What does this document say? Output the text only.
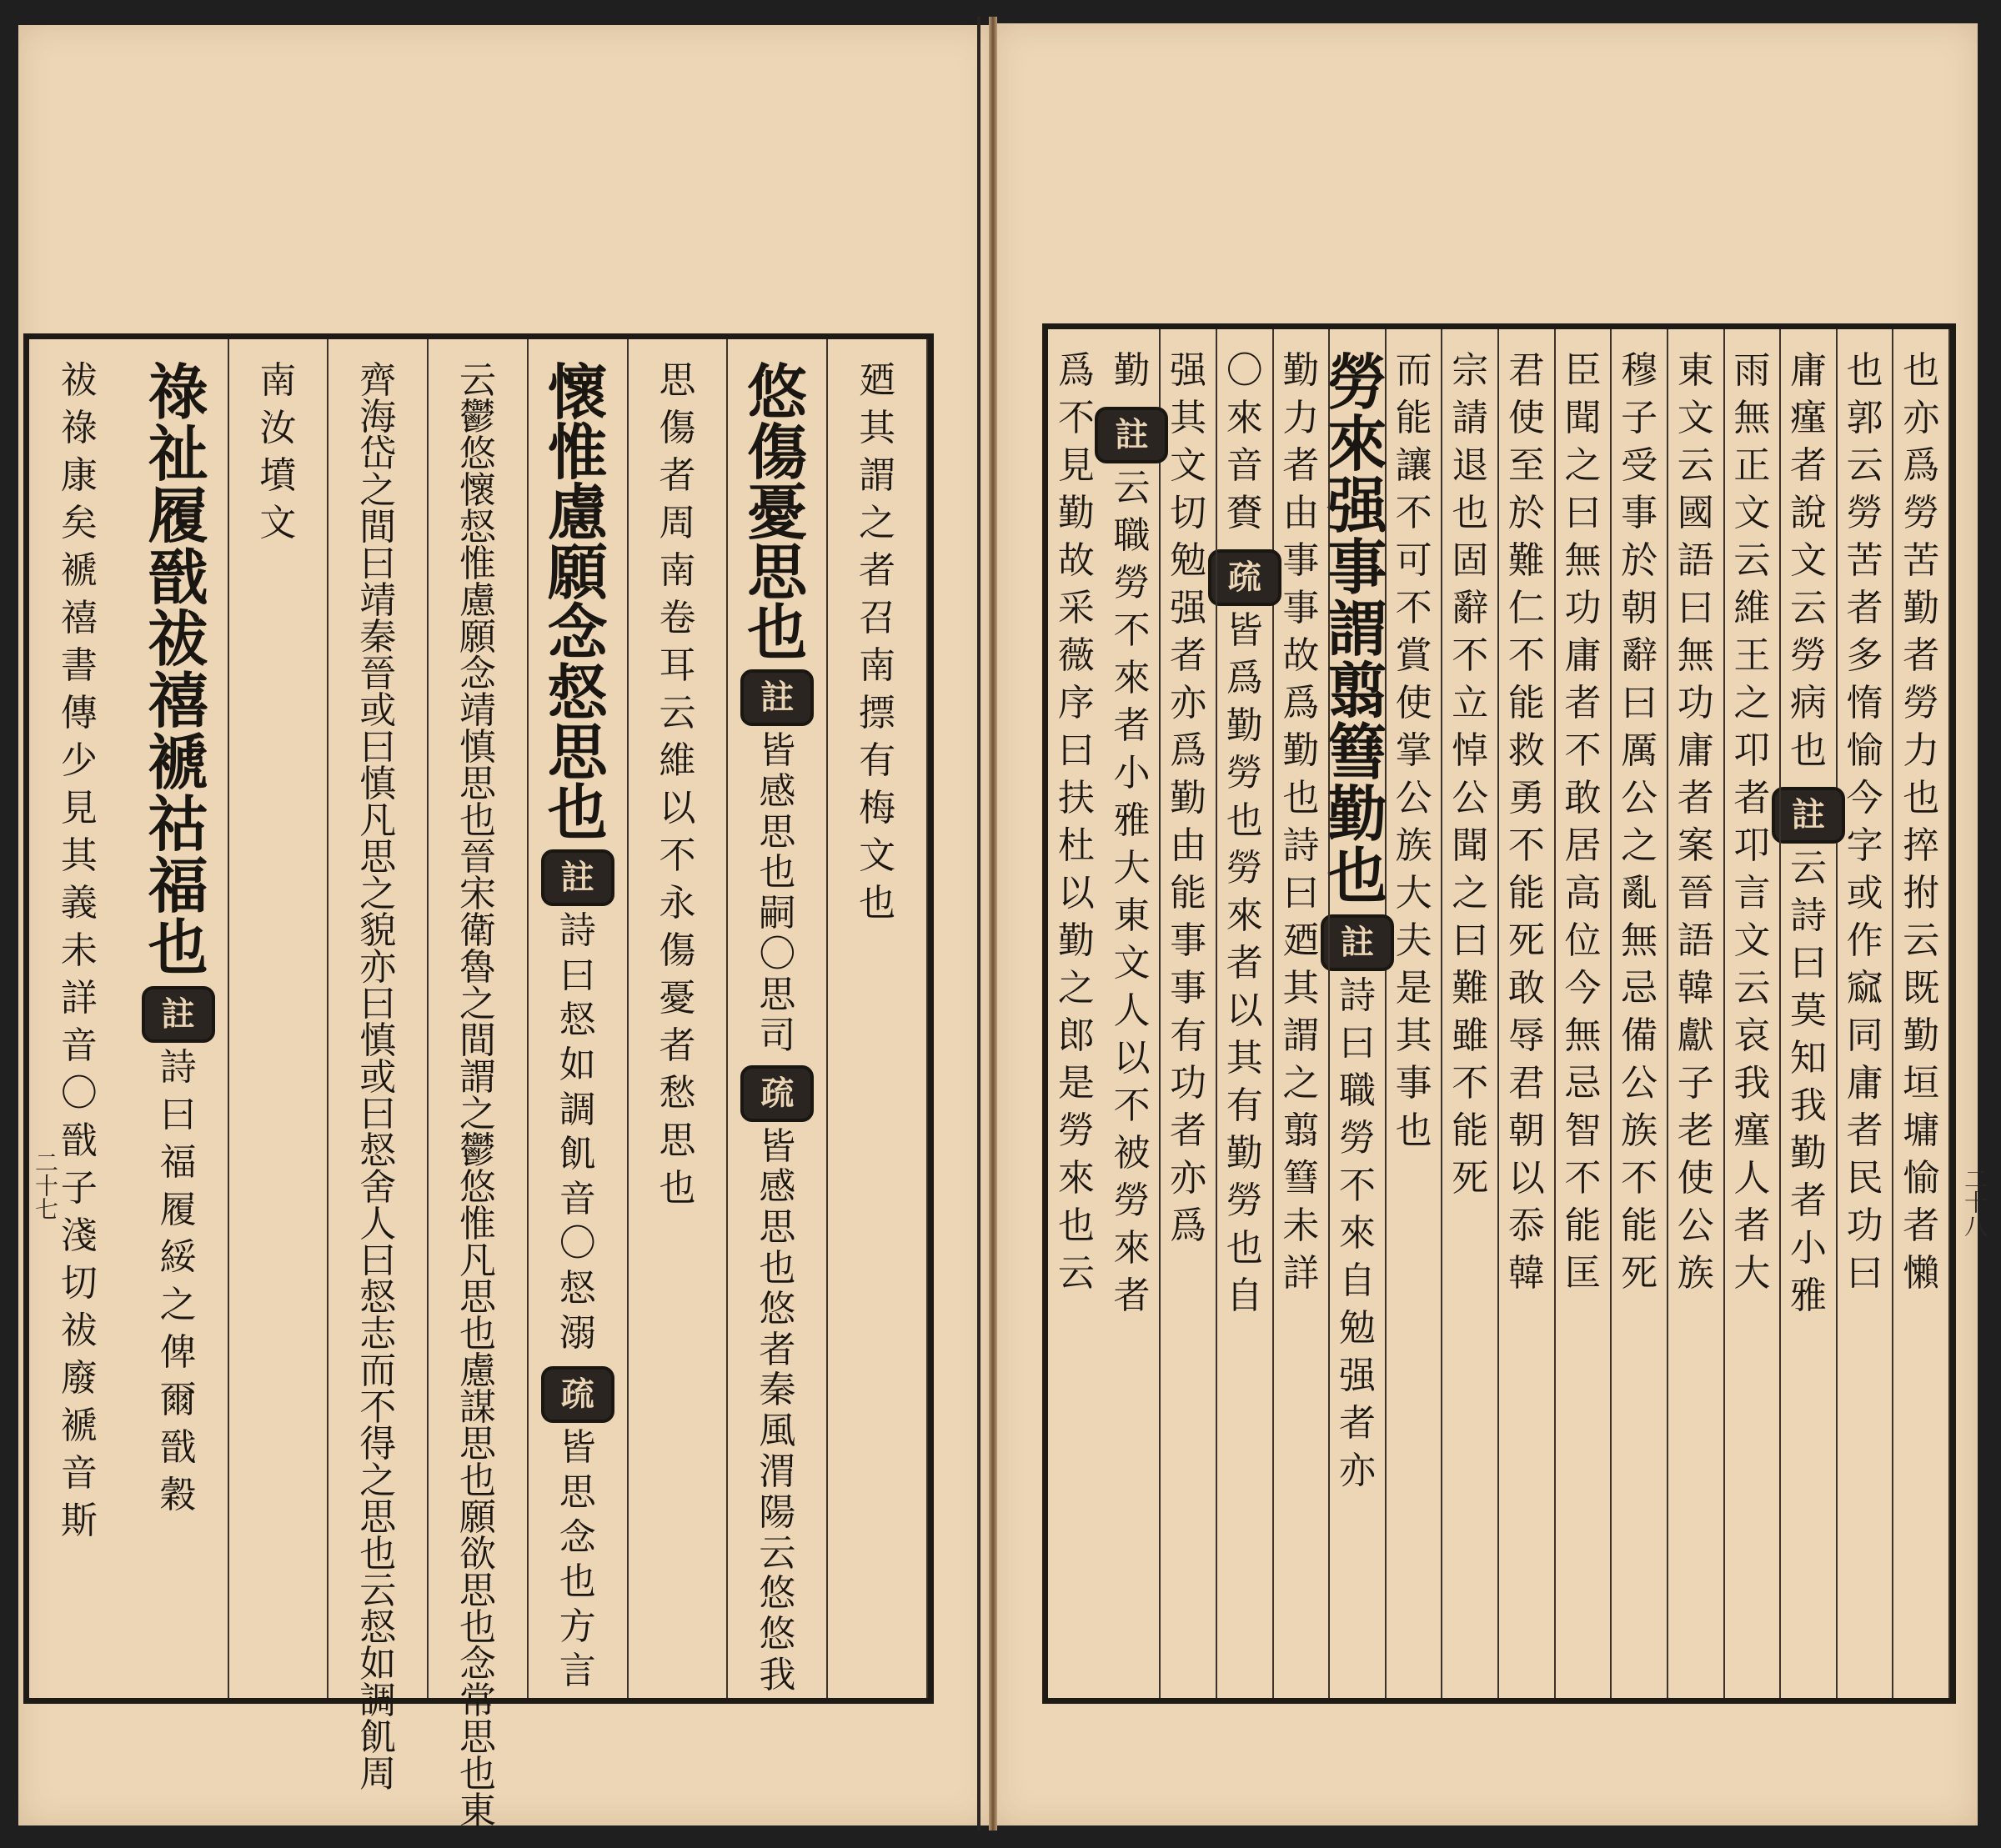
廼
其
謂
之
者
召
南
摽
有
梅
文
也
悠
傷
憂
思
也
註
皆
感
思
也
嗣
〇
思
司
疏
皆
感
思
也
悠
者
秦
風
渭
陽
云
悠
悠
我
思
傷
者
周
南
卷
耳
云
維
以
不
永
傷
憂
者
愁
思
也
懷
惟
慮
願
念
惄
思
也
註
詩
曰
惄
如
調
飢
音
〇
惄
溺
疏
皆
思
念
也
方
言
云
鬱
悠
懷
惄
惟
慮
願
念
靖
慎
思
也
晉
宋
衛
魯
之
間
謂
之
鬱
悠
惟
凡
思
也
慮
謀
思
也
願
欲
思
也
念
常
思
也
東
齊
海
岱
之
間
曰
靖
秦
晉
或
曰
慎
凡
思
之
貌
亦
曰
慎
或
曰
惄
舍
人
曰
惄
志
而
不
得
之
思
也
云
惄
如
調
飢
周
南
汝
墳
文
祿
祉
履
戩
祓
禧
褫
祜
福
也
註
詩
曰
福
履
綏
之
俾
爾
戩
穀
祓
祿
康
矣
褫
禧
書
傳
少
見
其
義
未
詳
音
〇
戩
子
淺
切
祓
廢
褫
音
斯
也
亦
爲
勞
苦
勤
者
勞
力
也
捽
拊
云
既
勤
垣
墉
愉
者
懶
也
郭
云
勞
苦
者
多
惰
愉
今
字
或
作
窳
同
庸
者
民
功
曰
庸
瘽
者
說
文
云
勞
病
也
註
云
詩
曰
莫
知
我
勤
者
小
雅
雨
無
正
文
云
維
王
之
卭
者
卭
言
文
云
哀
我
瘽
人
者
大
東
文
云
國
語
曰
無
功
庸
者
案
晉
語
韓
獻
子
老
使
公
族
穆
子
受
事
於
朝
辭
曰
厲
公
之
亂
無
忌
備
公
族
不
能
死
臣
聞
之
曰
無
功
庸
者
不
敢
居
高
位
今
無
忌
智
不
能
匡
君
使
至
於
難
仁
不
能
救
勇
不
能
死
敢
辱
君
朝
以
忝
韓
宗
請
退
也
固
辭
不
立
悼
公
聞
之
曰
難
雖
不
能
死
而
能
讓
不
可
不
賞
使
掌
公
族
大
夫
是
其
事
也
勞
來
强
事
謂
翦
篲
勤
也
註
詩
曰
職
勞
不
來
自
勉
强
者
亦
勤
力
者
由
事
事
故
爲
勤
也
詩
曰
廼
其
謂
之
翦
篲
未
詳
〇
來
音
賚
疏
皆
爲
勤
勞
也
勞
來
者
以
其
有
勤
勞
也
自
强
其
文
切
勉
强
者
亦
爲
勤
由
能
事
事
有
功
者
亦
爲
勤
註
云
職
勞
不
來
者
小
雅
大
東
文
人
以
不
被
勞
來
者
爲
不
見
勤
故
采
薇
序
曰
扶
杜
以
勤
之
郎
是
勞
來
也
云
二十七	二十八
